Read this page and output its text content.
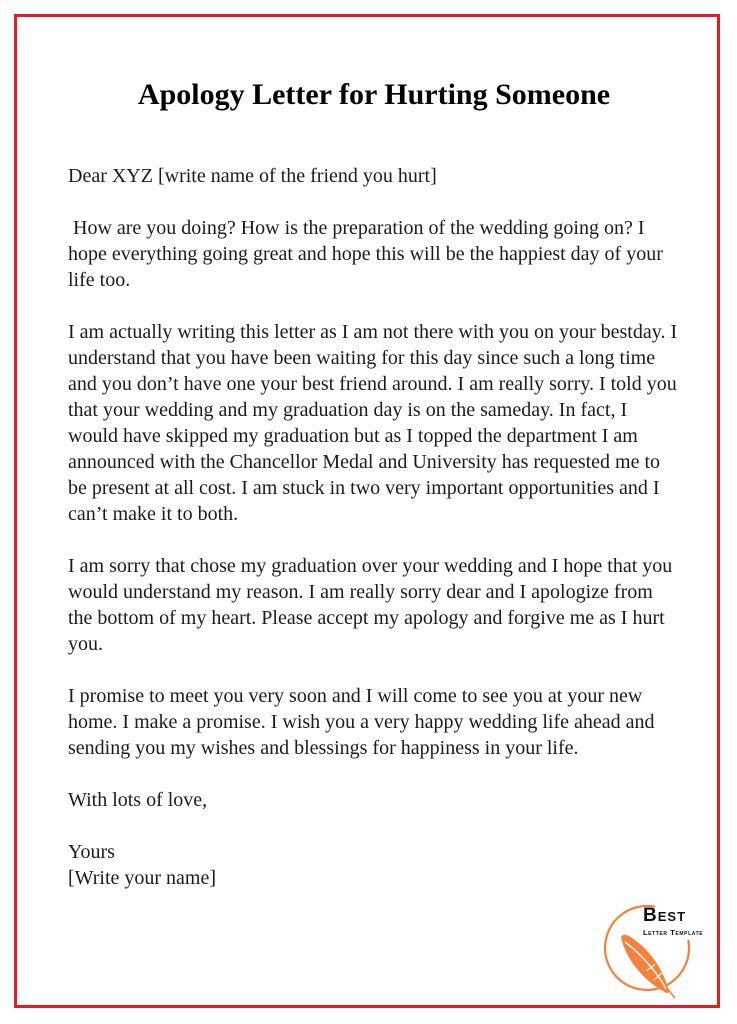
Apology Letter for Hurting Someone

Dear XYZ [write name of the friend you hurt]

How are you doing? How is the preparation of the wedding going on? I hope everything going great and hope this will be the happiest day of your life too.

I am actually writing this letter as I am not there with you on your bestday. I understand that you have been waiting for this day since such a long time and you don’t have one your best friend around. I am really sorry. I told you that your wedding and my graduation day is on the sameday. In fact, I would have skipped my graduation but as I topped the department I am announced with the Chancellor Medal and University has requested me to be present at all cost. I am stuck in two very important opportunities and I can’t make it to both.

I am sorry that chose my graduation over your wedding and I hope that you would understand my reason. I am really sorry dear and I apologize from the bottom of my heart. Please accept my apology and forgive me as I hurt you.

I promise to meet you very soon and I will come to see you at your new home. I make a promise. I wish you a very happy wedding life ahead and sending you my wishes and blessings for happiness in your life.

With lots of love,

Yours
[Write your name]

Best
Letter Template
